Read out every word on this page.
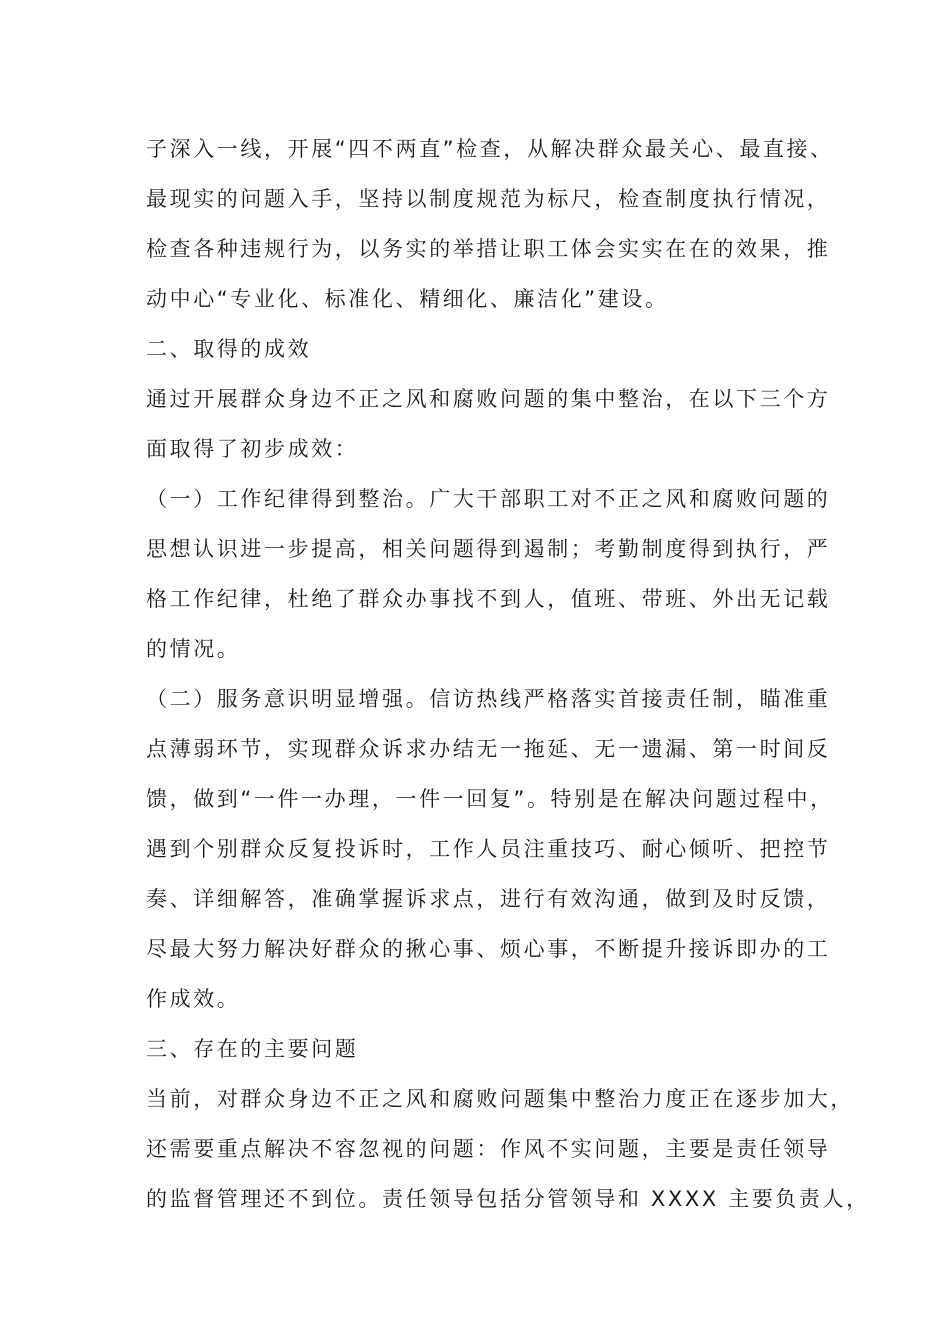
子深入一线，开展“四不两直”检查，从解决群众最关心、最直接、
最现实的问题入手，坚持以制度规范为标尺，检查制度执行情况，
检查各种违规行为，以务实的举措让职工体会实实在在的效果，推
动中心“专业化、标准化、精细化、廉洁化”建设。
二、取得的成效
通过开展群众身边不正之风和腐败问题的集中整治，在以下三个方
面取得了初步成效：
（一）工作纪律得到整治。广大干部职工对不正之风和腐败问题的
思想认识进一步提高，相关问题得到遏制；考勤制度得到执行，严
格工作纪律，杜绝了群众办事找不到人，值班、带班、外出无记载
的情况。
（二）服务意识明显增强。信访热线严格落实首接责任制，瞄准重
点薄弱环节，实现群众诉求办结无一拖延、无一遗漏、第一时间反
馈，做到“一件一办理，一件一回复”。特别是在解决问题过程中，
遇到个别群众反复投诉时，工作人员注重技巧、耐心倾听、把控节
奏、详细解答，准确掌握诉求点，进行有效沟通，做到及时反馈，
尽最大努力解决好群众的揪心事、烦心事，不断提升接诉即办的工
作成效。
三、存在的主要问题
当前，对群众身边不正之风和腐败问题集中整治力度正在逐步加大，
还需要重点解决不容忽视的问题：作风不实问题，主要是责任领导
的监督管理还不到位。责任领导包括分管领导和 XXXX 主要负责人，
